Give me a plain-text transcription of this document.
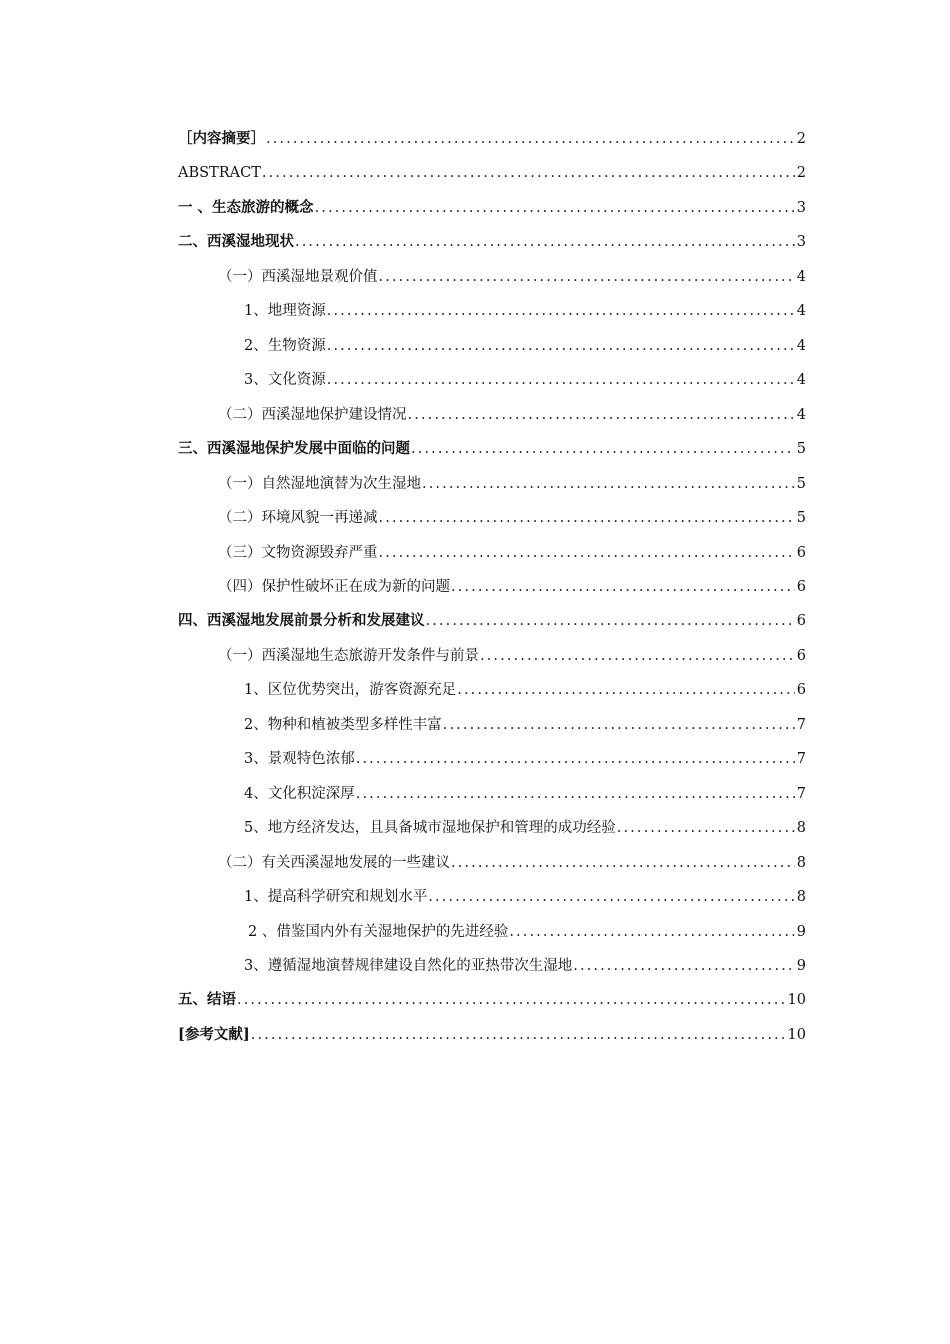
［内容摘要］ .....	2
ABSTRACT .....	2
一 、生态旅游的概念 .....	3
二、西溪湿地现状 .....	3
（一）西溪湿地景观价值 .....	4
1、地理资源 .....	4
2、生物资源 .....	4
3、文化资源 .....	4
（二）西溪湿地保护建设情况 .....	4
三、西溪湿地保护发展中面临的问题 .....	5
（一）自然湿地演替为次生湿地 .....	5
（二）环境风貌一再递减 .....	5
（三）文物资源毁弃严重 .....	6
（四）保护性破坏正在成为新的问题 .....	6
四、西溪湿地发展前景分析和发展建议 .....	6
（一）西溪湿地生态旅游开发条件与前景 .....	6
1、区位优势突出，游客资源充足 .....	6
2、物种和植被类型多样性丰富 .....	7
3、景观特色浓郁 .....	7
4、文化积淀深厚 .....	7
5、地方经济发达，且具备城市湿地保护和管理的成功经验 .....	8
（二）有关西溪湿地发展的一些建议 .....	8
1、提高科学研究和规划水平 .....	8
2 、借鉴国内外有关湿地保护的先进经验 .....	9
3、遵循湿地演替规律建设自然化的亚热带次生湿地 .....	9
五、结语 .....	10
[参考文献] .....	10
